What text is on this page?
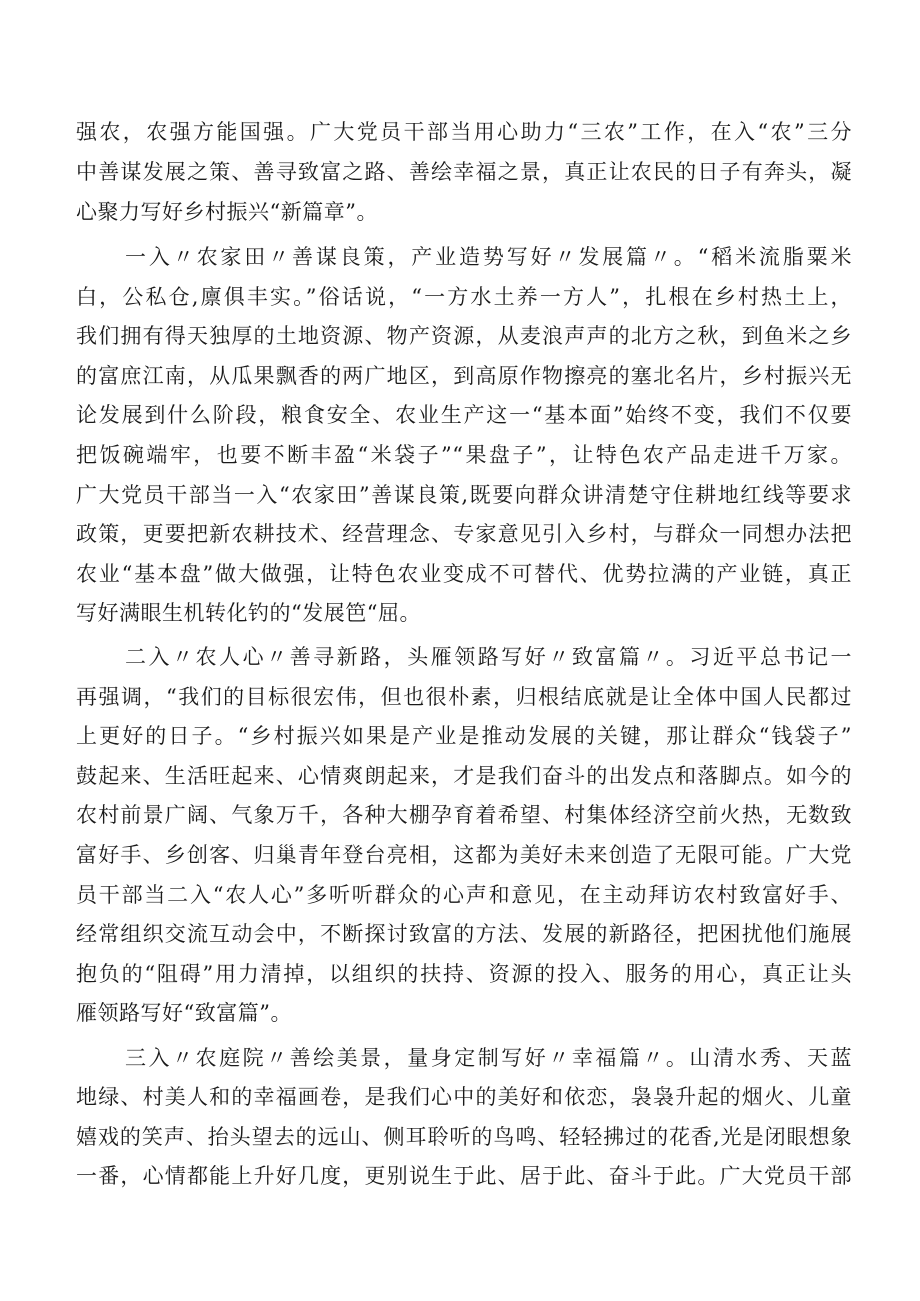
强农，农强方能国强。广大党员干部当用心助力“三农”工作，在入“农”三分
中善谋发展之策、善寻致富之路、善绘幸福之景，真正让农民的日子有奔头，凝
心聚力写好乡村振兴“新篇章”。
一入〃农家田〃善谋良策，产业造势写好〃发展篇〃。“稻米流脂粟米
白，公私仓,廪俱丰实。”俗话说，“一方水土养一方人”，扎根在乡村热土上，
我们拥有得天独厚的土地资源、物产资源，从麦浪声声的北方之秋，到鱼米之乡
的富庶江南，从瓜果飘香的两广地区，到高原作物擦亮的塞北名片，乡村振兴无
论发展到什么阶段，粮食安全、农业生产这一“基本面”始终不变，我们不仅要
把饭碗端牢，也要不断丰盈“米袋子”“果盘子”，让特色农产品走进千万家。
广大党员干部当一入“农家田”善谋良策,既要向群众讲清楚守住耕地红线等要求
政策，更要把新农耕技术、经营理念、专家意见引入乡村，与群众一同想办法把
农业“基本盘”做大做强，让特色农业变成不可替代、优势拉满的产业链，真正
写好满眼生机转化钓的“发展笆“屈。
二入〃农人心〃善寻新路，头雁领路写好〃致富篇〃。习近平总书记一
再强调，“我们的目标很宏伟，但也很朴素，归根结底就是让全体中国人民都过
上更好的日子。“乡村振兴如果是产业是推动发展的关键，那让群众“钱袋子”
鼓起来、生活旺起来、心情爽朗起来，才是我们奋斗的出发点和落脚点。如今的
农村前景广阔、气象万千，各种大棚孕育着希望、村集体经济空前火热，无数致
富好手、乡创客、归巢青年登台亮相，这都为美好未来创造了无限可能。广大党
员干部当二入“农人心”多听听群众的心声和意见，在主动拜访农村致富好手、
经常组织交流互动会中，不断探讨致富的方法、发展的新路径，把困扰他们施展
抱负的“阻碍”用力清掉，以组织的扶持、资源的投入、服务的用心，真正让头
雁领路写好“致富篇”。
三入〃农庭院〃善绘美景，量身定制写好〃幸福篇〃。山清水秀、天蓝
地绿、村美人和的幸福画卷，是我们心中的美好和依恋，袅袅升起的烟火、儿童
嬉戏的笑声、抬头望去的远山、侧耳聆听的鸟鸣、轻轻拂过的花香,光是闭眼想象
一番，心情都能上升好几度，更别说生于此、居于此、奋斗于此。广大党员干部
